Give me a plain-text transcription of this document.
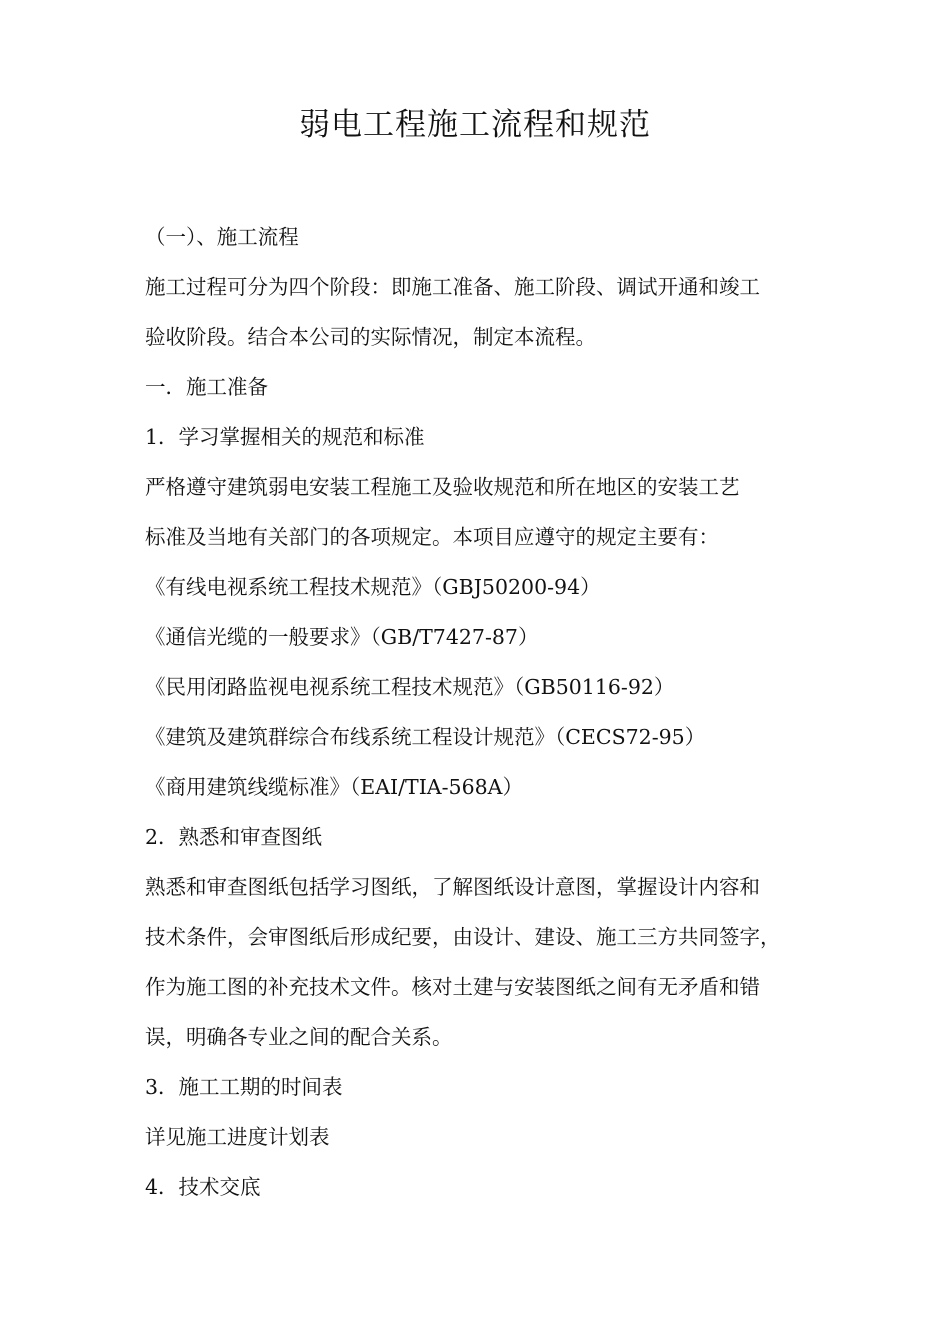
弱电工程施工流程和规范
（一）、施工流程
施工过程可分为四个阶段：即施工准备、施工阶段、调试开通和竣工
验收阶段。结合本公司的实际情况，制定本流程。
一．施工准备
1．学习掌握相关的规范和标准
严格遵守建筑弱电安装工程施工及验收规范和所在地区的安装工艺
标准及当地有关部门的各项规定。本项目应遵守的规定主要有：
《有线电视系统工程技术规范》（GBJ50200-94）
《通信光缆的一般要求》（GB/T7427-87）
《民用闭路监视电视系统工程技术规范》（GB50116-92）
《建筑及建筑群综合布线系统工程设计规范》（CECS72-95）
《商用建筑线缆标准》（EAI/TIA-568A）
2．熟悉和审查图纸
熟悉和审查图纸包括学习图纸，了解图纸设计意图，掌握设计内容和
技术条件，会审图纸后形成纪要，由设计、建设、施工三方共同签字，
作为施工图的补充技术文件。核对土建与安装图纸之间有无矛盾和错
误，明确各专业之间的配合关系。
3．施工工期的时间表
详见施工进度计划表
4．技术交底
